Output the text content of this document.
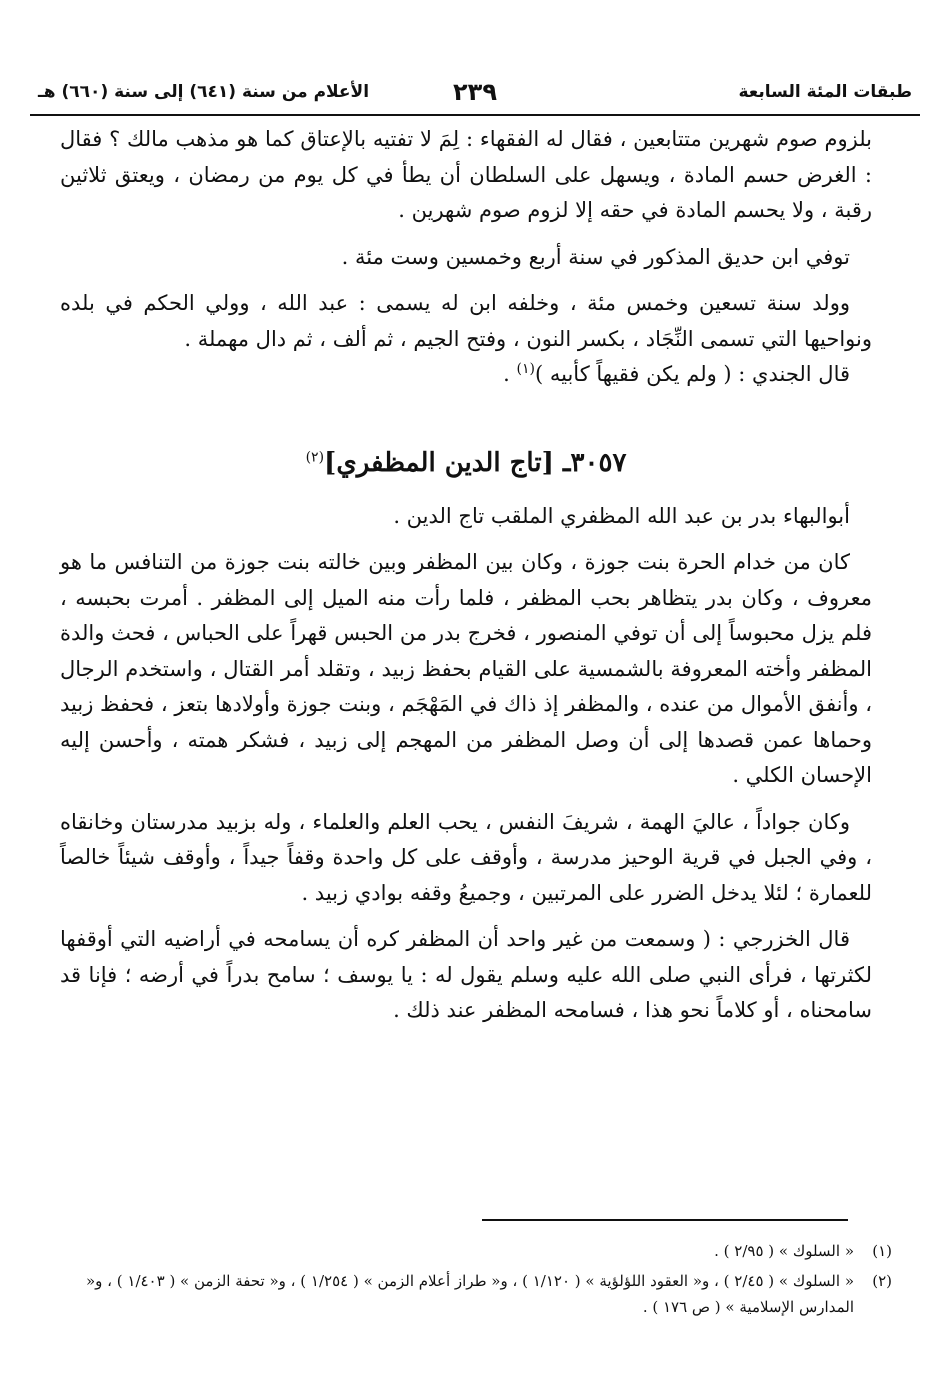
طبقات المئة السابعة
٢٣٩
الأعلام من سنة (٦٤١) إلى سنة (٦٦٠) هـ

بلزوم صوم شهرين متتابعين ، فقال له الفقهاء : لِمَ لا تفتيه بالإعتاق كما هو مذهب مالك ؟ فقال : الغرض حسم المادة ، ويسهل على السلطان أن يطأ في كل يوم من رمضان ، ويعتق ثلاثين رقبة ، ولا يحسم المادة في حقه إلا لزوم صوم شهرين .

توفي ابن حديق المذكور في سنة أربع وخمسين وست مئة .

وولد سنة تسعين وخمس مئة ، وخلفه ابن له يسمى : عبد الله ، وولي الحكم في بلده ونواحيها التي تسمى النِّجَاد ، بكسر النون ، وفتح الجيم ، ثم ألف ، ثم دال مهملة .

قال الجندي : ( ولم يكن فقيهاً كأبيه )$^{(١)}$ .

٣٠٥٧ـ [تاج الدين المظفري]$^{(٢)}$

أبوالبهاء بدر بن عبد الله المظفري الملقب تاج الدين .

كان من خدام الحرة بنت جوزة ، وكان بين المظفر وبين خالته بنت جوزة من التنافس ما هو معروف ، وكان بدر يتظاهر بحب المظفر ، فلما رأت منه الميل إلى المظفر . أمرت بحبسه ، فلم يزل محبوساً إلى أن توفي المنصور ، فخرج بدر من الحبس قهراً على الحباس ، فحث والدة المظفر وأخته المعروفة بالشمسية على القيام بحفظ زبيد ، وتقلد أمر القتال ، واستخدم الرجال ، وأنفق الأموال من عنده ، والمظفر إذ ذاك في المَهْجَم ، وبنت جوزة وأولادها بتعز ، فحفظ زبيد وحماها عمن قصدها إلى أن وصل المظفر من المهجم إلى زبيد ، فشكر همته ، وأحسن إليه الإحسان الكلي .

وكان جواداً ، عاليَ الهمة ، شريفَ النفس ، يحب العلم والعلماء ، وله بزبيد مدرستان وخانقاه ، وفي الجبل في قرية الوحيز مدرسة ، وأوقف على كل واحدة وقفاً جيداً ، وأوقف شيئاً خالصاً للعمارة ؛ لئلا يدخل الضرر على المرتبين ، وجميعُ وقفه بوادي زبيد .

قال الخزرجي : ( وسمعت من غير واحد أن المظفر كره أن يسامحه في أراضيه التي أوقفها لكثرتها ، فرأى النبي صلى الله عليه وسلم يقول له : يا يوسف ؛ سامح بدراً في أرضه ؛ فإنا قد سامحناه ، أو كلاماً نحو هذا ، فسامحه المظفر عند ذلك .

(١)
« السلوك » ( ٢/٩٥ ) .
(٢)
« السلوك » ( ٢/٤٥ ) ، و« العقود اللؤلؤية » ( ١/١٢٠ ) ، و« طراز أعلام الزمن » ( ١/٢٥٤ ) ، و« تحفة الزمن » ( ١/٤٠٣ ) ، و« المدارس الإسلامية » ( ص ١٧٦ ) .
